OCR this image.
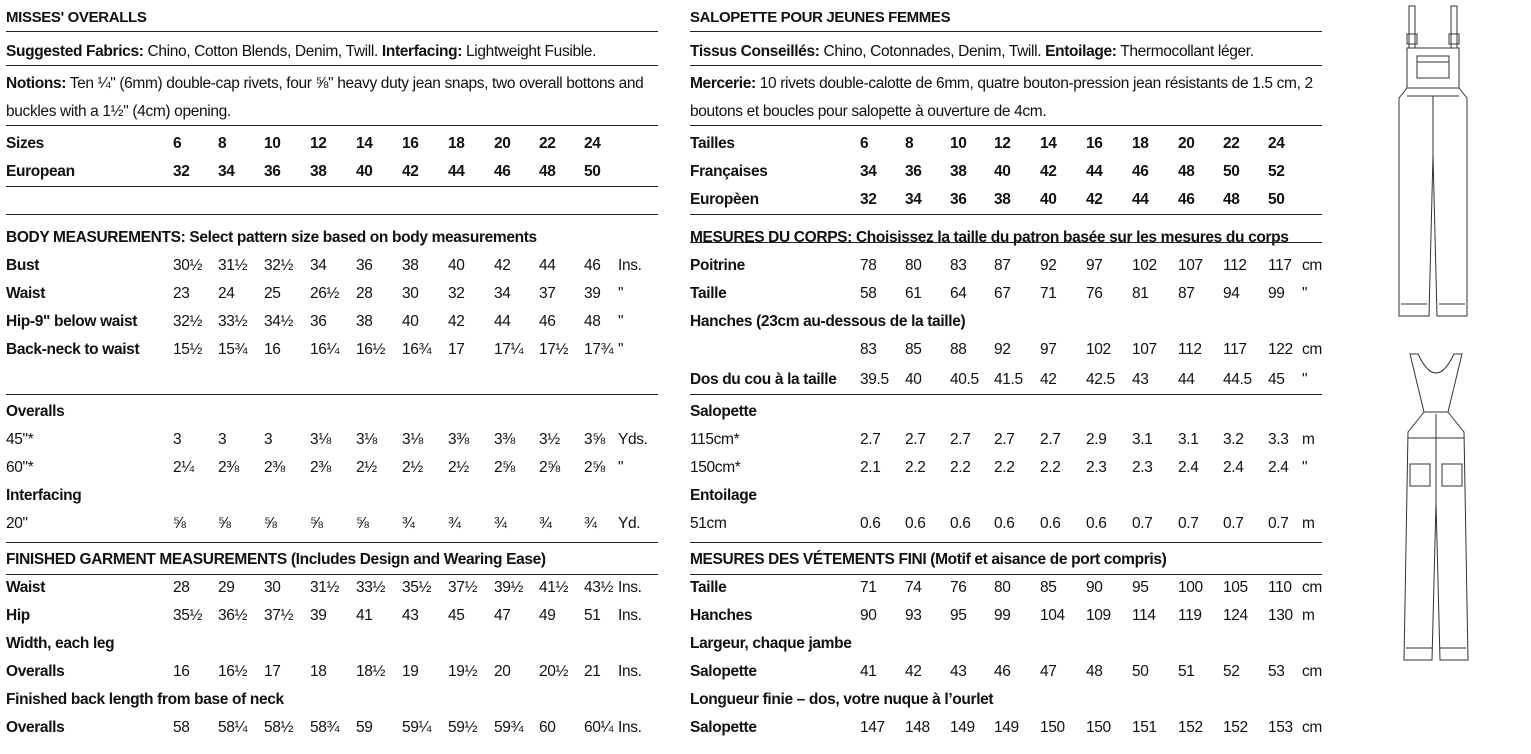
MISSES' OVERALLS
Suggested Fabrics: Chino, Cotton Blends, Denim, Twill. Interfacing: Lightweight Fusible.
Notions: Ten ¼" (6mm) double-cap rivets, four ⅝" heavy duty jean snaps, two overall bottons and buckles with a 1½" (4cm) opening.
Sizes	6 8 10 12 14 16 18 20 22 24
European	32 34 36 38 40 42 44 46 48 50
BODY MEASUREMENTS: Select pattern size based on body measurements
Bust	30½ 31½ 32½ 34 36 38 40 42 44 46 Ins.
Waist	23 24 25 26½ 28 30 32 34 37 39 "
Hip-9" below waist 32½ 33½ 34½ 36 38 40 42 44 46 48 "
Back-neck to waist 15½ 15¾ 16 16¼ 16½ 16¾ 17 17¼ 17½ 17¾ "
Overalls
45"*	3 3 3 3⅛ 3⅛ 3⅛ 3⅜ 3⅜ 3½ 3⅝ Yds.
60"*	2¼ 2⅜ 2⅜ 2⅜ 2½ 2½ 2½ 2⅝ 2⅝ 2⅝ "
Interfacing
20"	⅝ ⅝ ⅝ ⅝ ⅝ ¾ ¾ ¾ ¾ ¾ Yd.
FINISHED GARMENT MEASUREMENTS (Includes Design and Wearing Ease)
Waist	28 29 30 31½ 33½ 35½ 37½ 39½ 41½ 43½ Ins.
Hip	35½ 36½ 37½ 39 41 43 45 47 49 51 Ins.
Width, each leg
Overalls	16 16½ 17 18 18½ 19 19½ 20 20½ 21 Ins.
Finished back length from base of neck
Overalls	58 58¼ 58½ 58¾ 59 59¼ 59½ 59¾ 60 60¼ Ins.
SALOPETTE POUR JEUNES FEMMES
Tissus Conseillés: Chino, Cotonnades, Denim, Twill. Entoilage: Thermocollant léger.
Mercerie: 10 rivets double-calotte de 6mm, quatre bouton-pression jean résistants de 1.5 cm, 2 boutons et boucles pour salopette à ouverture de 4cm.
Tailles	6 8 10 12 14 16 18 20 22 24
Françaises	34 36 38 40 42 44 46 48 50 52
Europèen	32 34 36 38 40 42 44 46 48 50
MESURES DU CORPS: Choisissez la taille du patron basée sur les mesures du corps
Poitrine	78 80 83 87 92 97 102 107 112 117 cm
Taille	58 61 64 67 71 76 81 87 94 99 "
Hanches (23cm au-dessous de la taille)
83 85 88 92 97 102 107 112 117 122 cm
Dos du cou à la taille 39.5 40 40.5 41.5 42 42.5 43 44 44.5 45 "
Salopette
115cm*	2.7 2.7 2.7 2.7 2.7 2.9 3.1 3.1 3.2 3.3 m
150cm*	2.1 2.2 2.2 2.2 2.2 2.3 2.3 2.4 2.4 2.4 "
Entoilage
51cm	0.6 0.6 0.6 0.6 0.6 0.6 0.7 0.7 0.7 0.7 m
MESURES DES VÉTEMENTS FINI (Motif et aisance de port compris)
Taille	71 74 76 80 85 90 95 100 105 110 cm
Hanches	90 93 95 99 104 109 114 119 124 130 m
Largeur, chaque jambe
Salopette	41 42 43 46 47 48 50 51 52 53 cm
Longueur finie – dos, votre nuque à l’ourlet
Salopette	147 148 149 149 150 150 151 152 152 153 cm
